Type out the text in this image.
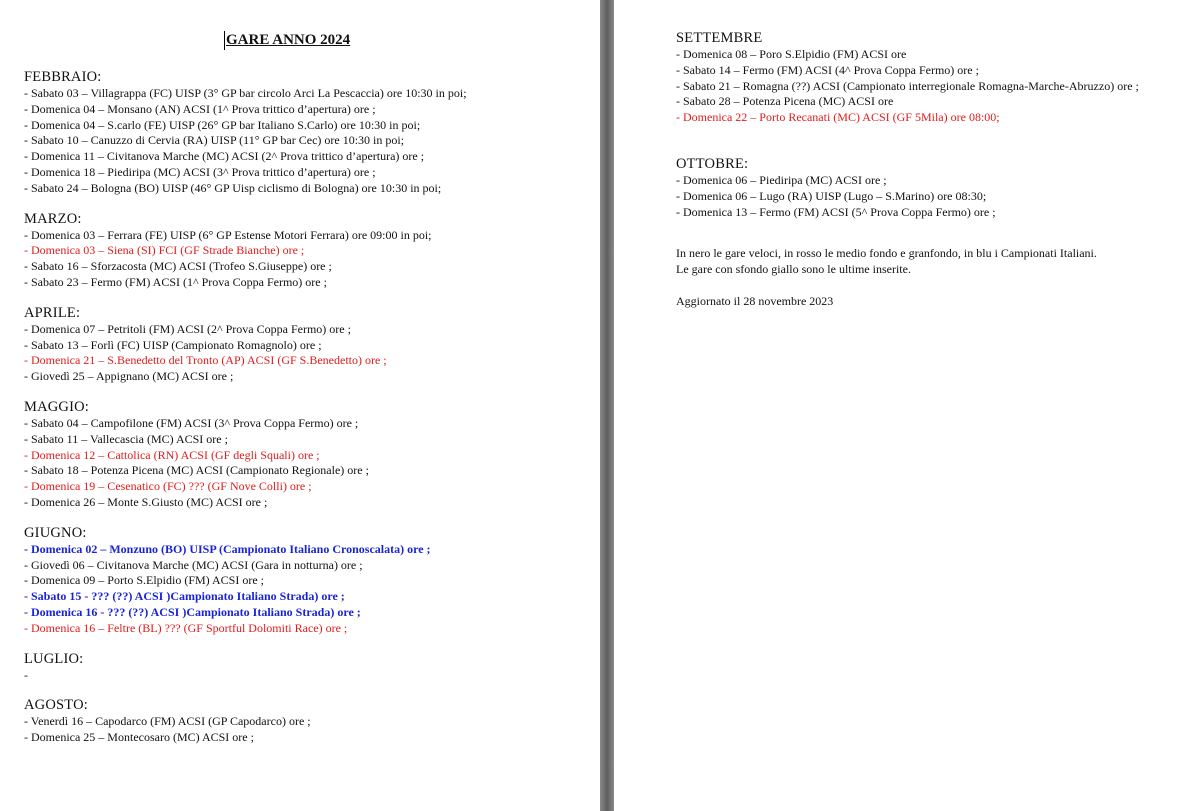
GARE ANNO 2024
FEBBRAIO:
- Sabato 03 – Villagrappa (FC) UISP (3° GP bar circolo Arci La Pescaccia) ore 10:30 in poi;
- Domenica 04 – Monsano (AN) ACSI (1^ Prova trittico d’apertura) ore ;
- Domenica 04 – S.carlo (FE) UISP (26° GP bar Italiano S.Carlo) ore 10:30 in poi;
- Sabato 10 – Canuzzo di Cervia (RA) UISP (11° GP bar Cec) ore 10:30 in poi;
- Domenica 11 – Civitanova Marche (MC) ACSI (2^ Prova trittico d’apertura) ore ;
- Domenica 18 – Piediripa (MC) ACSI (3^ Prova trittico d’apertura) ore ;
- Sabato 24 – Bologna (BO) UISP (46° GP Uisp ciclismo di Bologna) ore 10:30 in poi;
MARZO:
- Domenica 03 – Ferrara (FE) UISP (6° GP Estense Motori Ferrara) ore 09:00 in poi;
- Domenica 03 – Siena (SI) FCI (GF Strade Bianche) ore ;
- Sabato 16 – Sforzacosta (MC) ACSI (Trofeo S.Giuseppe) ore ;
- Sabato 23 – Fermo (FM) ACSI (1^ Prova Coppa Fermo) ore ;
APRILE:
- Domenica 07 – Petritoli (FM) ACSI (2^ Prova Coppa Fermo) ore ;
- Sabato 13 – Forlì (FC) UISP (Campionato Romagnolo) ore ;
- Domenica 21 – S.Benedetto del Tronto (AP) ACSI (GF S.Benedetto) ore ;
- Giovedì 25 – Appignano (MC) ACSI ore ;
MAGGIO:
- Sabato 04 – Campofilone (FM) ACSI (3^ Prova Coppa Fermo) ore ;
- Sabato 11 – Vallecascia (MC) ACSI ore ;
- Domenica 12 – Cattolica (RN) ACSI (GF degli Squali) ore ;
- Sabato 18 – Potenza Picena (MC) ACSI (Campionato Regionale) ore ;
- Domenica 19 – Cesenatico (FC) ??? (GF Nove Colli) ore ;
- Domenica 26 – Monte S.Giusto (MC) ACSI ore ;
GIUGNO:
- Domenica 02 – Monzuno (BO) UISP (Campionato Italiano Cronoscalata) ore ;
- Giovedì 06 – Civitanova Marche (MC) ACSI (Gara in notturna) ore ;
- Domenica 09 – Porto S.Elpidio (FM) ACSI ore ;
- Sabato 15 - ??? (??) ACSI )Campionato Italiano Strada) ore ;
- Domenica 16 - ??? (??) ACSI )Campionato Italiano Strada) ore ;
- Domenica 16 – Feltre (BL) ??? (GF Sportful Dolomiti Race) ore ;
LUGLIO:
-
AGOSTO:
- Venerdì 16 – Capodarco (FM) ACSI (GP Capodarco) ore ;
- Domenica 25 – Montecosaro (MC) ACSI ore ;
SETTEMBRE
- Domenica 08 – Poro S.Elpidio (FM) ACSI ore
- Sabato 14 – Fermo (FM) ACSI (4^ Prova Coppa Fermo) ore ;
- Sabato 21 – Romagna (??) ACSI (Campionato interregionale Romagna-Marche-Abruzzo) ore ;
- Sabato 28 – Potenza Picena (MC) ACSI ore
- Domenica 22 – Porto Recanati (MC) ACSI (GF 5Mila) ore 08:00;
OTTOBRE:
- Domenica 06 – Piediripa (MC) ACSI ore ;
- Domenica 06 – Lugo (RA) UISP (Lugo – S.Marino) ore 08:30;
- Domenica 13 – Fermo (FM) ACSI (5^ Prova Coppa Fermo) ore ;
In nero le gare veloci, in rosso le medio fondo e granfondo, in blu i Campionati Italiani.
Le gare con sfondo giallo sono le ultime inserite.
Aggiornato il 28 novembre 2023
